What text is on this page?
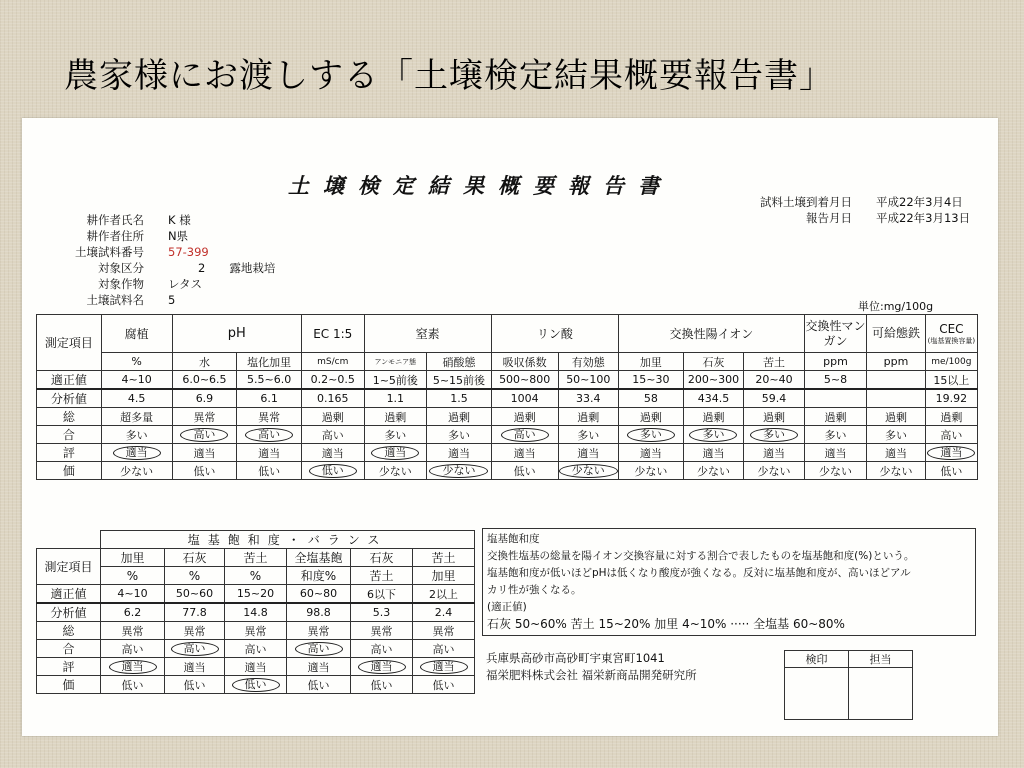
農家様にお渡しする「土壌検定結果概要報告書」
土壌検定結果概要報告書
耕作者氏名	K 様
耕作者住所	N県
土壌試料番号	57-399
対象区分	2	露地栽培
対象作物	レタス
土壌試料名	5
試料土壌到着月日	平成22年3月4日
報告月日	平成22年3月13日
単位:mg/100g
測定項目	腐植	pH		EC 1:5	窒素		リン酸		交換性陽イオン			交換性マンガン	可給態鉄	CEC
(塩基置換容量)

	%	水	塩化加里	mS/cm	アンモニア態	硝酸態	吸収係数	有効態	加里	石灰	苦土	ppm	ppm	me/100g
適正値	4~10	6.0~6.5	5.5~6.0	0.2~0.5	1~5前後	5~15前後	500~800	50~100	15~30	200~300	20~40	5~8		15以上
分析値	4.5	6.9	6.1	0.165	1.1	1.5	1004	33.4	58	434.5	59.4			19.92
総	超多量	異常	異常	過剰	過剰	過剰	過剰	過剰	過剰	過剰	過剰	過剰	過剰	過剰
合	多い	高い	高い	高い	多い	多い	高い	多い	多い	多い	多い	多い	多い	高い
評	適当	適当	適当	適当	適当	適当	適当	適当	適当	適当	適当	適当	適当	適当
価	少ない	低い	低い	低い	少ない	少ない	低い	少ない	少ない	少ない	少ない	少ない	少ない	低い
	塩基飽和度・バランス					
測定項目	加里	石灰	苦土	全塩基飽	石灰	苦土
	%	%	%	和度%	苦土	加里
適正値	4~10	50~60	15~20	60~80	6以下	2以上
分析値	6.2	77.8	14.8	98.8	5.3	2.4
総	異常	異常	異常	異常	異常	異常
合	高い	高い	高い	高い	高い	高い
評	適当	適当	適当	適当	適当	適当
価	低い	低い	低い	低い	低い	低い

塩基飽和度

交換性塩基の総量を陽イオン交換容量に対する割合で表したものを塩基飽和度(%)という。

塩基飽和度が低いほどpHは低くなり酸度が強くなる。反対に塩基飽和度が、高いほどアル

カリ性が強くなる。

(適正値)

石灰 50~60% 苦土 15~20% 加里 4~10% ····· 全塩基 60~80%

兵庫県高砂市高砂町宇東宮町1041
福栄肥料株式会社 福栄新商品開発研究所
検印	担当
